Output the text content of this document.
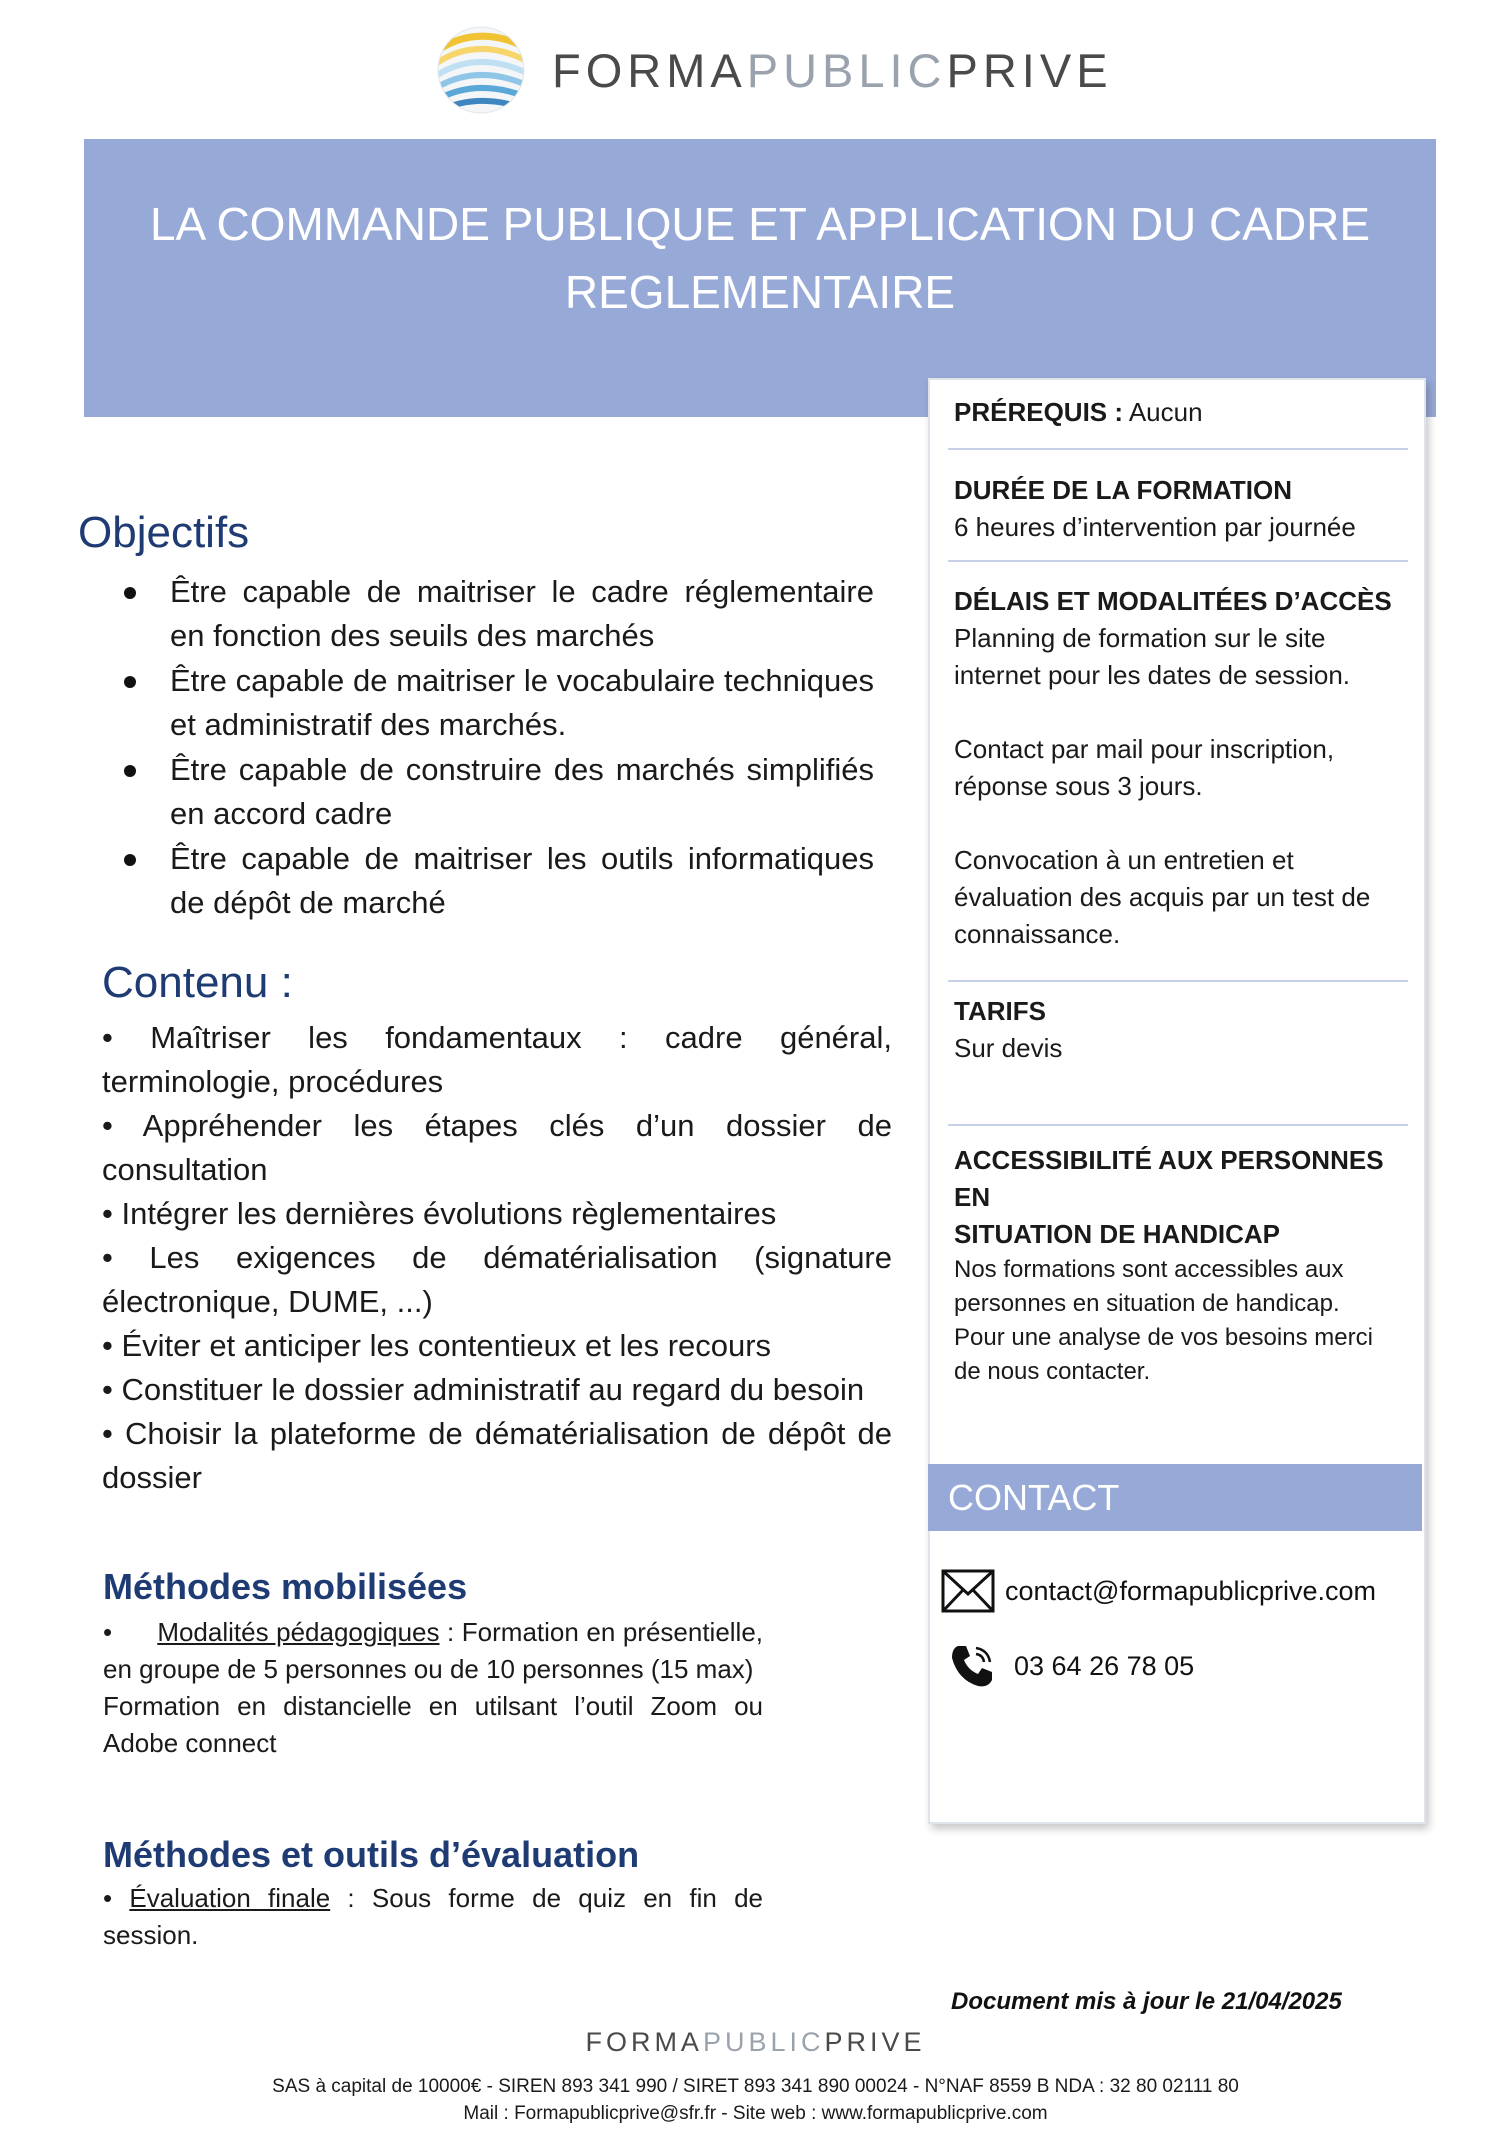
FORMAPUBLICPRIVE
LA COMMANDE PUBLIQUE ET APPLICATION DU CADRE
REGLEMENTAIRE
PRÉREQUIS : Aucun
DURÉE DE LA FORMATION
6 heures d’intervention par journée
DÉLAIS ET MODALITÉES D’ACCÈS
Planning de formation sur le site
internet pour les dates de session.
Contact par mail pour inscription,
réponse sous 3 jours.
Convocation à un entretien et
évaluation des acquis par un test de
connaissance.
TARIFS
Sur devis
ACCESSIBILITÉ AUX PERSONNES EN
SITUATION DE HANDICAP

Nos formations sont accessibles aux

personnes en situation de handicap.

Pour une analyse de vos besoins merci

de nous contacter.

CONTACT
contact@formapublicprive.com
03 64 26 78 05
Objectifs
Être capable de maitriser le cadre réglementaire en fonction des seuils des marchés
Être capable de maitriser le vocabulaire techniques et administratif des marchés.
Être capable de construire des marchés simplifiés en accord cadre
Être capable de maitriser les outils informatiques de dépôt de marché
Contenu :
• Maîtriser les fondamentaux : cadre général, terminologie, procédures
• Appréhender les étapes clés d’un dossier de consultation
• Intégrer les dernières évolutions règlementaires
• Les exigences de dématérialisation (signature électronique, DUME, ...)
• Éviter et anticiper les contentieux et les recours
• Constituer le dossier administratif au regard du besoin
• Choisir la plateforme de dématérialisation de dépôt de dossier
Méthodes mobilisées

• Modalités pédagogiques : Formation en présentielle, en groupe de 5 personnes ou de 10 personnes (15 max)

Formation en distancielle en utilsant l’outil Zoom ou Adobe connect

Méthodes et outils d’évaluation
• Évaluation finale : Sous forme de quiz en fin de session.
Document mis à jour le 21/04/2025
FORMAPUBLICPRIVE
SAS à capital de 10000€ - SIREN 893 341 990 / SIRET 893 341 890 00024 - N°NAF 8559 B NDA : 32 80 02111 80
Mail : Formapublicprive@sfr.fr - Site web : www.formapublicprive.com
